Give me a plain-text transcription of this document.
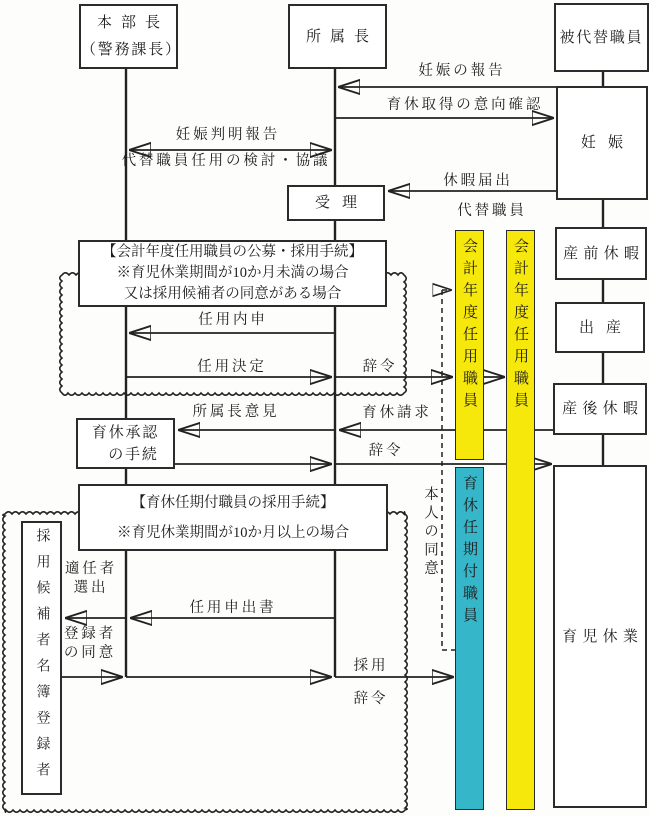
会計年度任用職員 会計年度任用職員
育休任期付職員
本部長
（警務課長）
所属長	被代替職員
妊娠
受理
【会計年度任用職員の公募・採用手続】
※育児休業期間が10か月未満の場合
又は採用候補者の同意がある場合
産前休暇
出産
産後休暇
育休承認
の手続
【育休任期付職員の採用手続】
※育児休業期間が10か月以上の場合
育児休業
採用候補者名簿登録者
妊娠の報告
育休取得の意向確認
妊娠判明報告
代替職員任用の検討・協議
休暇届出
代替職員
任用内申
任用決定	辞令
所属長意見	育休請求
辞令
本人の同意
適任者
選出
任用申出書
登録者
の同意
採用
辞令
